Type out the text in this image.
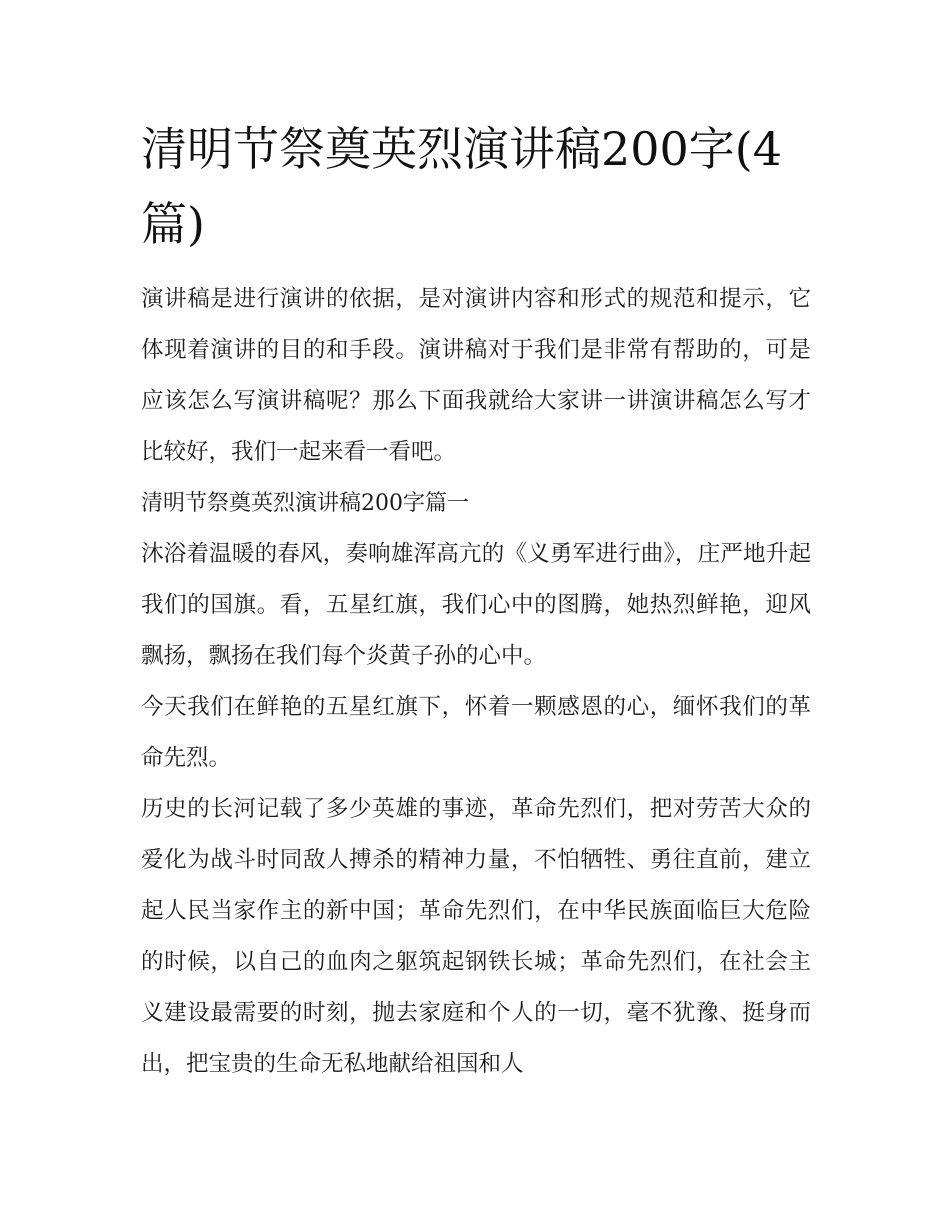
清明节祭奠英烈演讲稿200字(4篇)

演讲稿是进行演讲的依据，是对演讲内容和形式的规范和提示，它体现着演讲的目的和手段。演讲稿对于我们是非常有帮助的，可是应该怎么写演讲稿呢？那么下面我就给大家讲一讲演讲稿怎么写才比较好，我们一起来看一看吧。

清明节祭奠英烈演讲稿200字篇一

沐浴着温暖的春风，奏响雄浑高亢的《义勇军进行曲》，庄严地升起我们的国旗。看，五星红旗，我们心中的图腾，她热烈鲜艳，迎风飘扬，飘扬在我们每个炎黄子孙的心中。

今天我们在鲜艳的五星红旗下，怀着一颗感恩的心，缅怀我们的革命先烈。

历史的长河记载了多少英雄的事迹，革命先烈们，把对劳苦大众的爱化为战斗时同敌人搏杀的精神力量，不怕牺牲、勇往直前，建立起人民当家作主的新中国；革命先烈们，在中华民族面临巨大危险的时候，以自己的血肉之躯筑起钢铁长城；革命先烈们，在社会主义建设最需要的时刻，抛去家庭和个人的一切，毫不犹豫、挺身而出，把宝贵的生命无私地献给祖国和人
